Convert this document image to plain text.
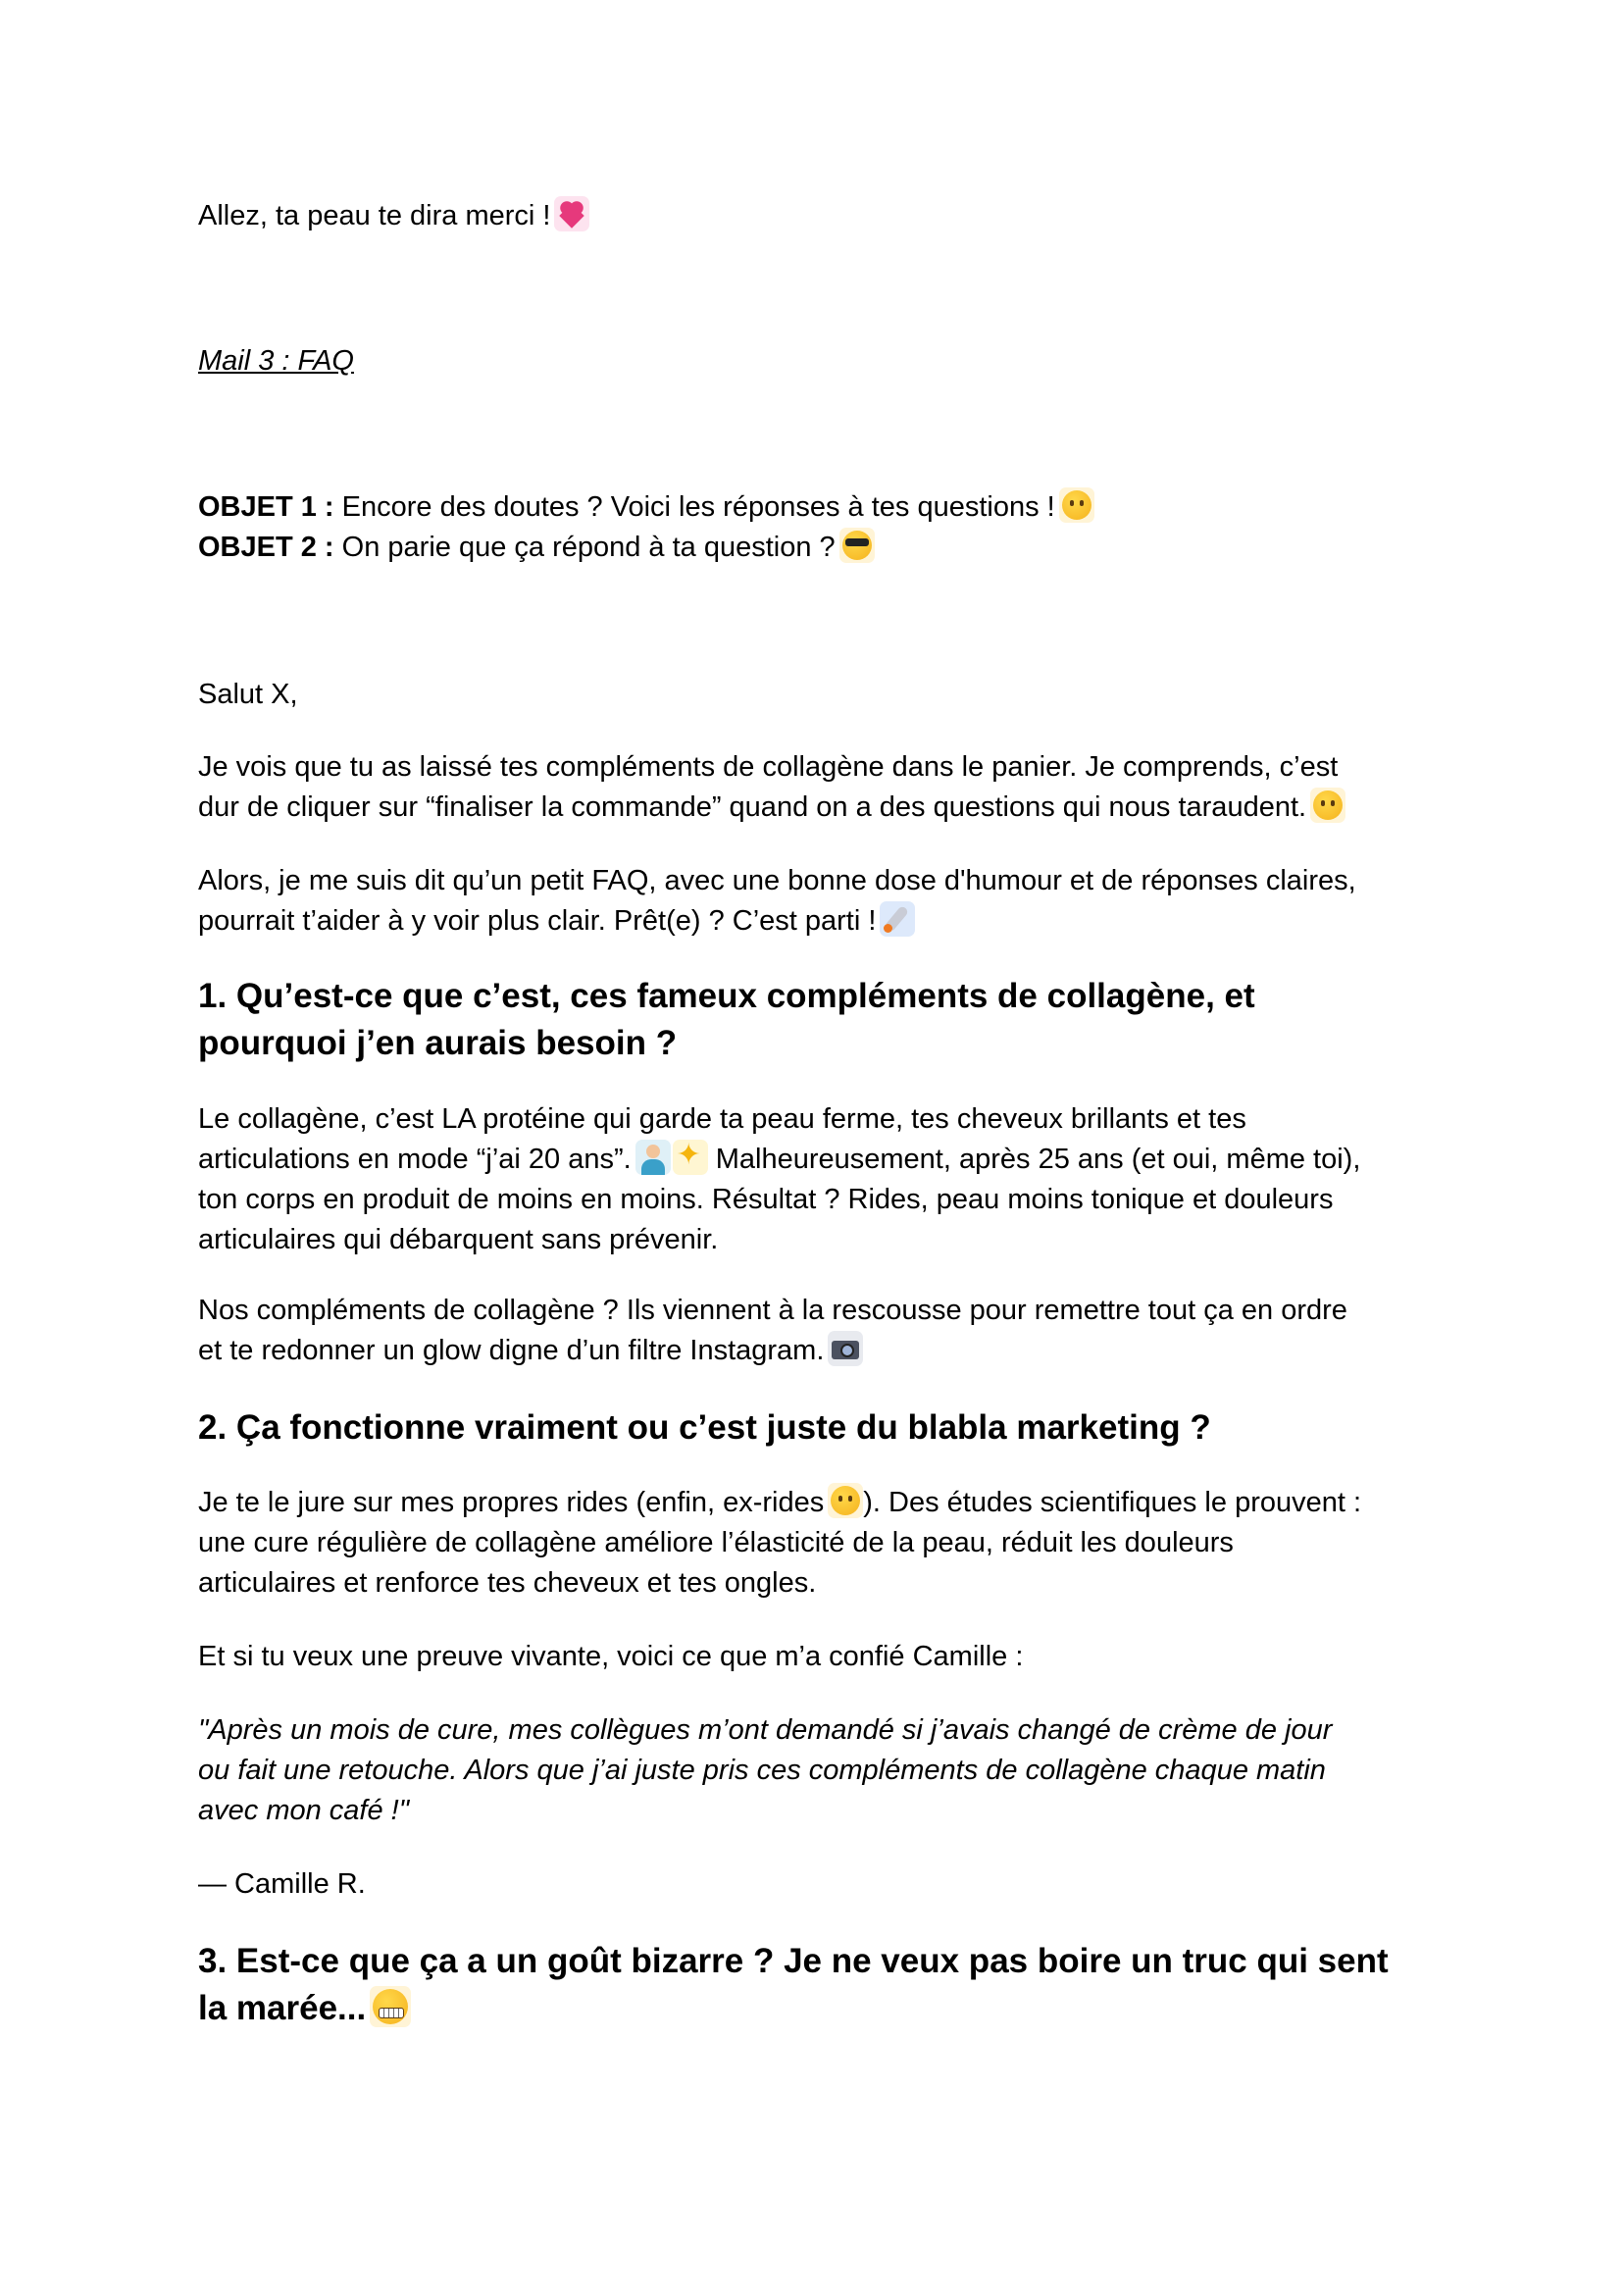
Allez, ta peau te dira merci !

Mail 3 : FAQ

OBJET 1 : Encore des doutes ? Voici les réponses à tes questions !
OBJET 2 : On parie que ça répond à ta question ?

Salut X,

Je vois que tu as laissé tes compléments de collagène dans le panier. Je comprends, c’est
dur de cliquer sur “finaliser la commande” quand on a des questions qui nous taraudent.

Alors, je me suis dit qu’un petit FAQ, avec une bonne dose d'humour et de réponses claires,
pourrait t’aider à y voir plus clair. Prêt(e) ? C’est parti !

1. Qu’est-ce que c’est, ces fameux compléments de collagène, et
pourquoi j’en aurais besoin ?

Le collagène, c’est LA protéine qui garde ta peau ferme, tes cheveux brillants et tes
articulations en mode “j’ai 20 ans”.✦	Malheureusement, après 25 ans (et oui, même toi),
ton corps en produit de moins en moins. Résultat ? Rides, peau moins tonique et douleurs
articulaires qui débarquent sans prévenir.

Nos compléments de collagène ? Ils viennent à la rescousse pour remettre tout ça en ordre
et te redonner un glow digne d’un filtre Instagram.

2. Ça fonctionne vraiment ou c’est juste du blabla marketing ?

Je te le jure sur mes propres rides (enfin, ex-rides ). Des études scientifiques le prouvent :
une cure régulière de collagène améliore l’élasticité de la peau, réduit les douleurs
articulaires et renforce tes cheveux et tes ongles.

Et si tu veux une preuve vivante, voici ce que m’a confié Camille :

"Après un mois de cure, mes collègues m’ont demandé si j’avais changé de crème de jour
ou fait une retouche. Alors que j’ai juste pris ces compléments de collagène chaque matin
avec mon café !"

— Camille R.

3. Est-ce que ça a un goût bizarre ? Je ne veux pas boire un truc qui sent
la marée...
